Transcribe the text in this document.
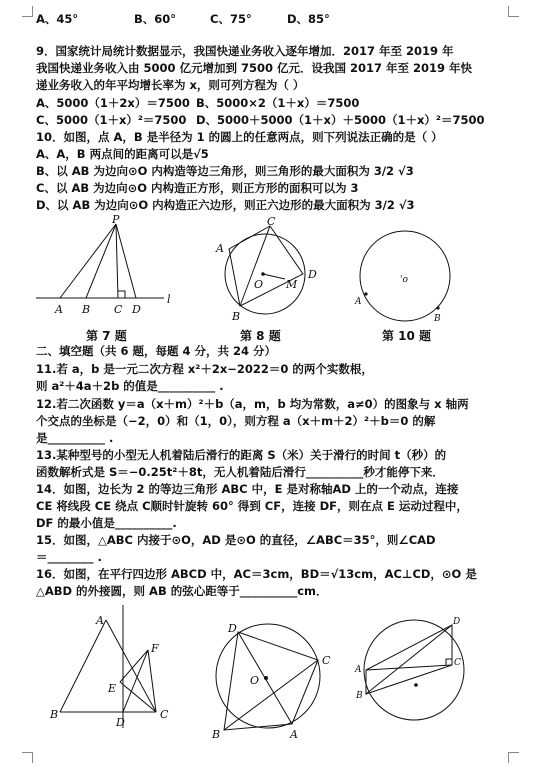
A、45°	B、60°	C、75°	D、85°
9．国家统计局统计数据显示，我国快递业务收入逐年增加．2017 年至 2019 年
我国快递业务收入由 5000 亿元增加到 7500 亿元．设我国 2017 年至 2019 年快
递业务收入的年平均增长率为 x，则可列方程为（ ）
A、5000（1＋2x）＝7500 B、5000×2（1＋x）＝7500
C、5000（1＋x）²＝7500 D、5000＋5000（1＋x）＋5000（1＋x）²＝7500
10．如图，点 A，B 是半径为 1 的圆上的任意两点，则下列说法正确的是（ ）
A、A，B 两点间的距离可以是√5
B、以 AB 为边向⊙O 内构造等边三角形，则三角形的最大面积为 3/2 √3
C、以 AB 为边向⊙O 内构造正方形，则正方形的面积可以为 3
D、以 AB 为边向⊙O 内构造正六边形，则正六边形的最大面积为 3/2 √3
P
A B C D
l
C
A
B
D
O M	'o
A
B
第 7 题	第 8 题	第 10 题
二、填空题（共 6 题，每题 4 分，共 24 分）
11.若 a，b 是一元二次方程 x²＋2x−2022＝0 的两个实数根，
则 a²＋4a＋2b 的值是__________ .
12.若二次函数 y＝a（x＋m）²＋b（a，m，b 均为常数，a≠0）的图象与 x 轴两
个交点的坐标是（−2，0）和（1，0），则方程 a（x＋m＋2）²＋b＝0 的解
是__________ .
13.某种型号的小型无人机着陆后滑行的距离 S（米）关于滑行的时间 t（秒）的
函数解析式是 S＝−0.25t²＋8t，无人机着陆后滑行__________秒才能停下来．
14．如图，边长为 2 的等边三角形 ABC 中，E 是对称轴AD 上的一个动点，连接
CE 将线段 CE 绕点 C顺时针旋转 60° 得到 CF，连接 DF，则在点 E 运动过程中，
DF 的最小值是__________.
15．如图，△ABC 内接于⊙O，AD 是⊙O 的直径，∠ABC＝35°，则∠CAD
＝________ .
16．如图，在平行四边形 ABCD 中，AC＝3cm，BD＝√13cm，AC⊥CD，⊙O 是
△ABD 的外接圆，则 AB 的弦心距等于__________cm．
A
F
E
B	C
D
D
C
O
B	A
D
C
A
B
